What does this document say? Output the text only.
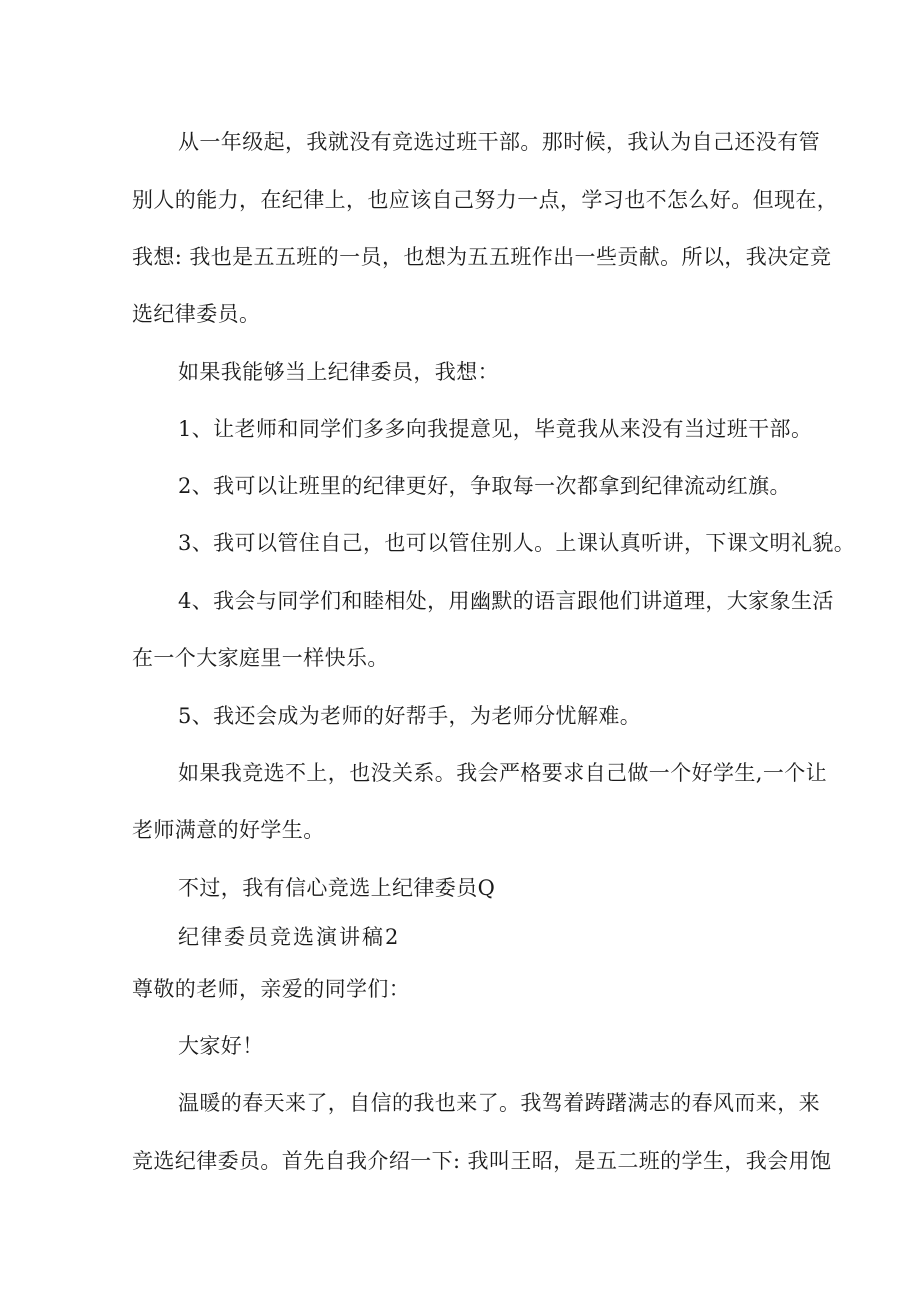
从一年级起，我就没有竞选过班干部。那时候，我认为自己还没有管
别人的能力，在纪律上，也应该自己努力一点，学习也不怎么好。但现在，
我想: 我也是五五班的一员，也想为五五班作出一些贡献。所以，我决定竞
选纪律委员。
如果我能够当上纪律委员，我想：
1、让老师和同学们多多向我提意见，毕竟我从来没有当过班干部。
2、我可以让班里的纪律更好，争取每一次都拿到纪律流动红旗。
3、我可以管住自己，也可以管住别人。上课认真听讲，下课文明礼貌。
4、我会与同学们和睦相处，用幽默的语言跟他们讲道理，大家象生活
在一个大家庭里一样快乐。
5、我还会成为老师的好帮手，为老师分忧解难。
如果我竞选不上，也没关系。我会严格要求自己做一个好学生,一个让
老师满意的好学生。
不过，我有信心竞选上纪律委员Q
纪律委员竞选演讲稿2
尊敬的老师，亲爱的同学们：
大家好！
温暖的春天来了，自信的我也来了。我驾着踌躇满志的春风而来，来
竞选纪律委员。首先自我介绍一下: 我叫王昭，是五二班的学生，我会用饱
